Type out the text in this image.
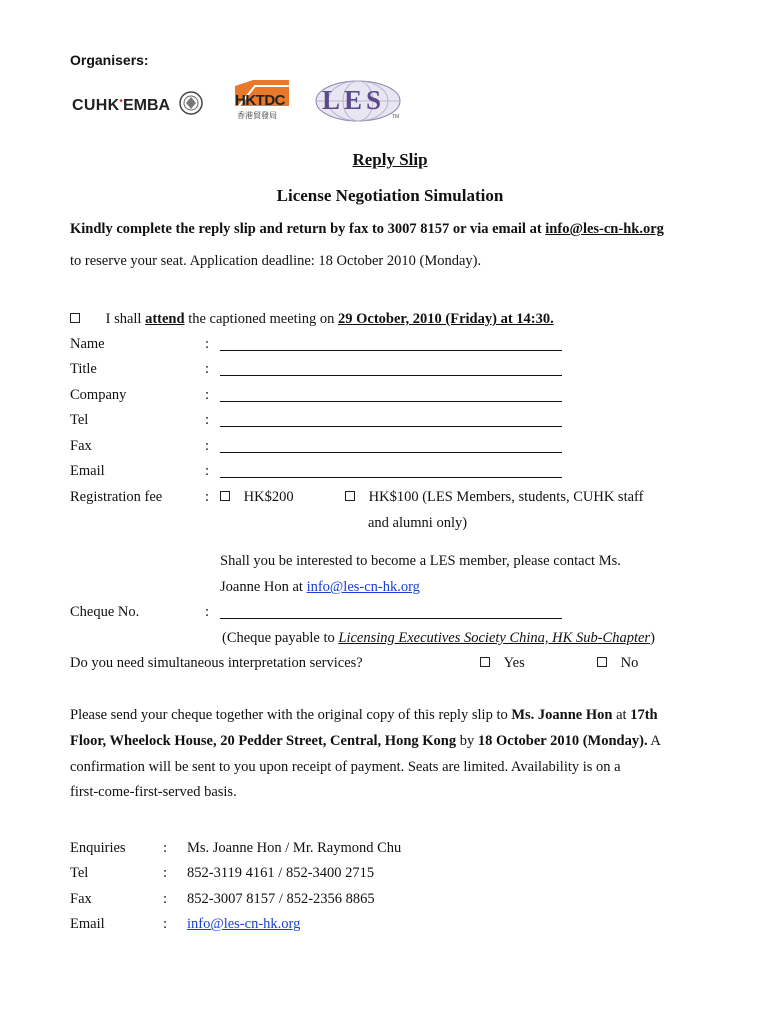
Organisers:
CUHK•EMBA	HKTDC
香港貿發局
LES
TM
Reply Slip
License Negotiation Simulation
Kindly complete the reply slip and return by fax to 3007 8157 or via email at info@les-cn-hk.org
to reserve your seat. Application deadline: 18 October 2010 (Monday).
I shall attend the captioned meeting on 29 October, 2010 (Friday) at 14:30.
Name	:
Title	:
Company	:
Tel	:
Fax	:
Email	:
Registration fee	:	HK$200	HK$100 (LES Members, students, CUHK staff
and alumni only)
Shall you be interested to become a LES member, please contact Ms.
Joanne Hon at info@les-cn-hk.org
Cheque No.	:
(Cheque payable to Licensing Executives Society China, HK Sub-Chapter)
Do you need simultaneous interpretation services?	Yes	No
Please send your cheque together with the original copy of this reply slip to Ms. Joanne Hon at 17th
Floor, Wheelock House, 20 Pedder Street, Central, Hong Kong by 18 October 2010 (Monday). A
confirmation will be sent to you upon receipt of payment. Seats are limited. Availability is on a
first-come-first-served basis.
Enquiries	: Ms. Joanne Hon / Mr. Raymond Chu
Tel	: 852-3119 4161 / 852-3400 2715
Fax	: 852-3007 8157 / 852-2356 8865
Email	: info@les-cn-hk.org
